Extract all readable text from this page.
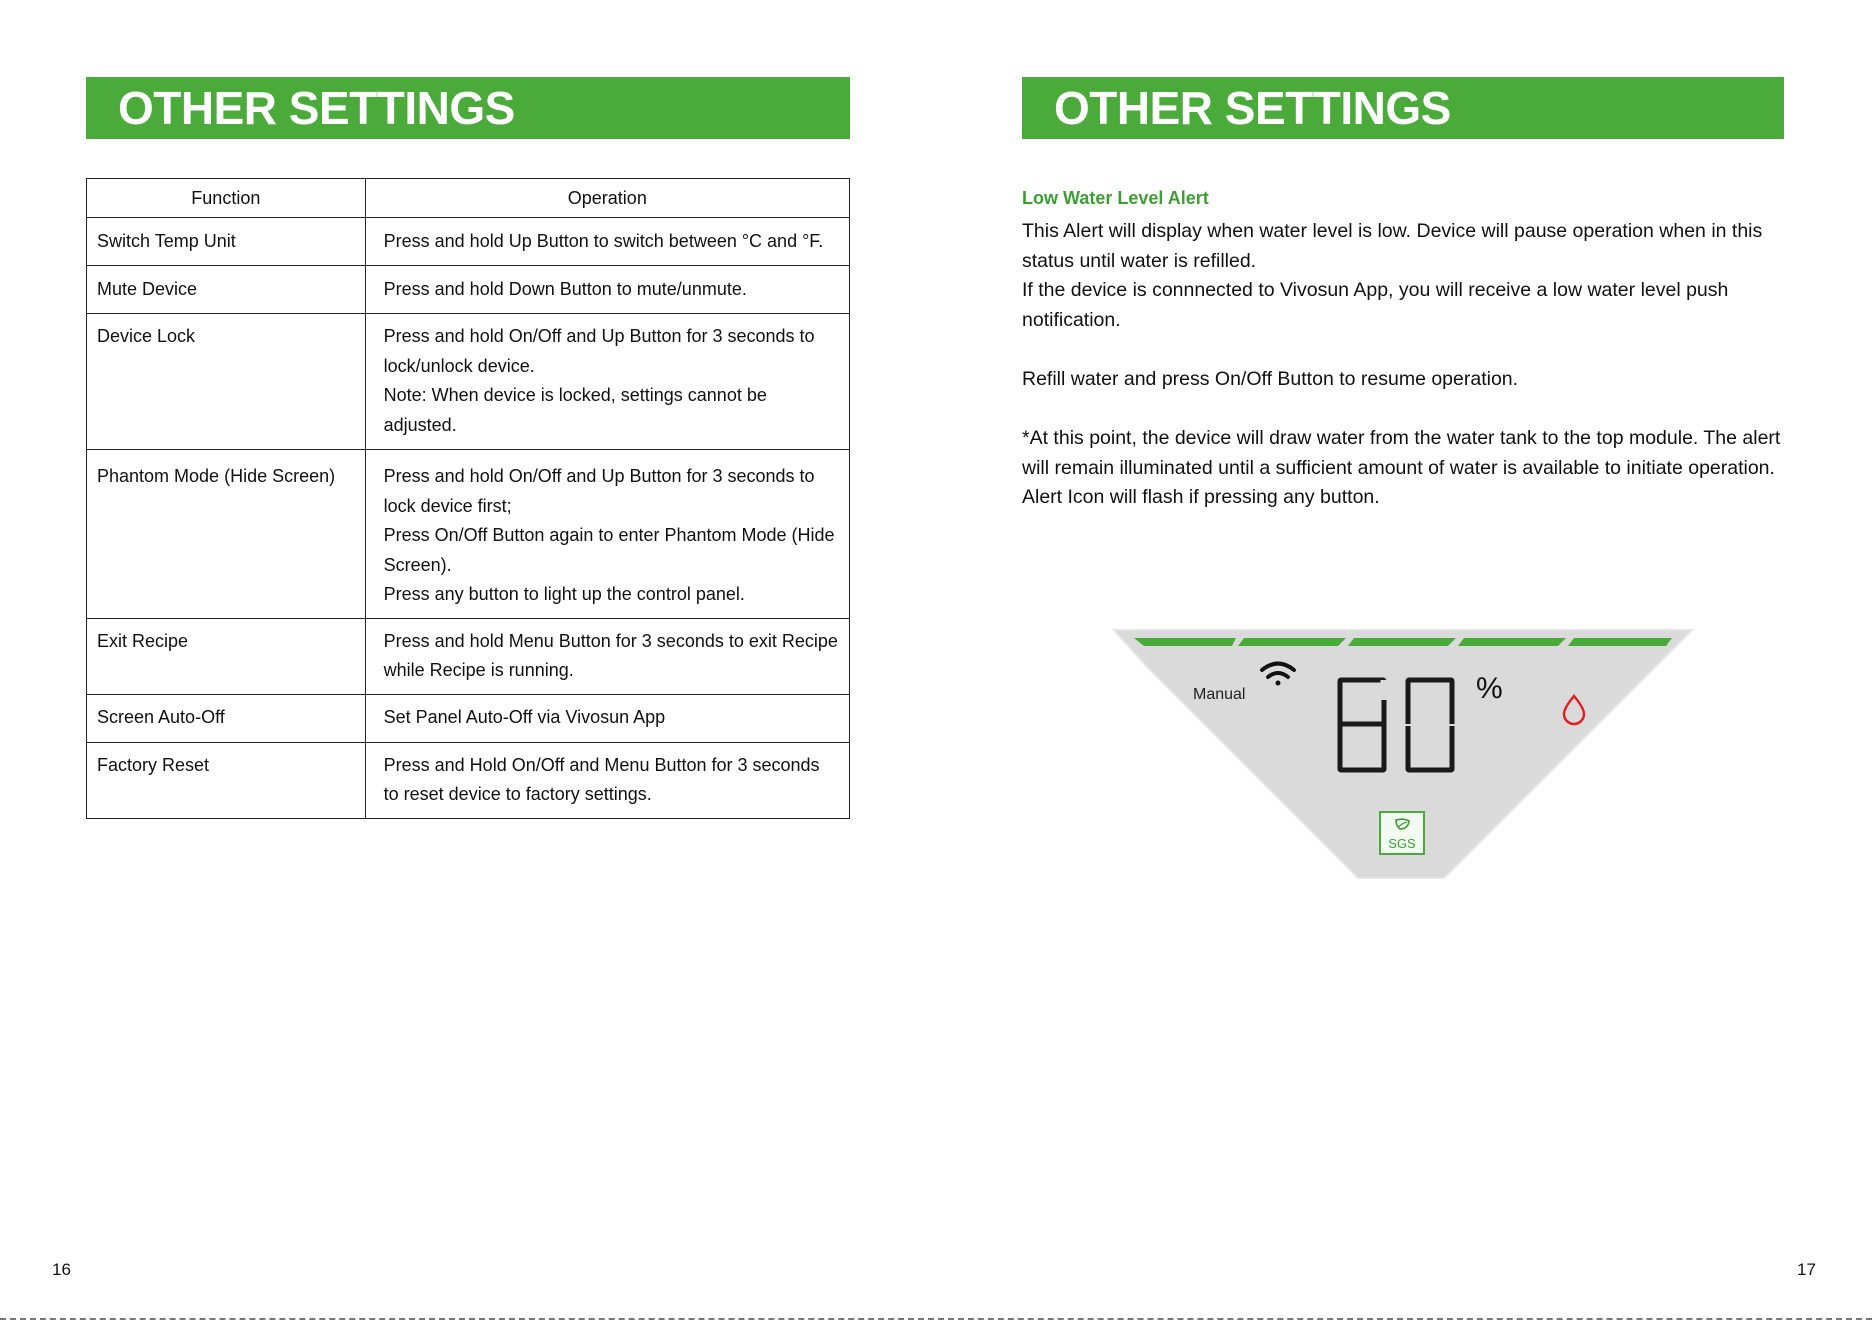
OTHER SETTINGS
Function	Operation
Switch Temp Unit	Press and hold Up Button to switch between °C and °F.

Mute Device	Press and hold Down Button to mute/unmute.

Device Lock	Press and hold On/Off and Up Button for 3 seconds to lock/unlock device.
Note: When device is locked, settings cannot be adjusted.

Phantom Mode (Hide Screen)	Press and hold On/Off and Up Button for 3 seconds to lock device first;
Press On/Off Button again to enter Phantom Mode (Hide Screen).
Press any button to light up the control panel.

Exit Recipe	Press and hold Menu Button for 3 seconds to exit Recipe while Recipe is running.

Screen Auto-Off	Set Panel Auto-Off via Vivosun App

Factory Reset	Press and Hold On/Off and Menu Button for 3 seconds to reset device to factory settings.
16
OTHER SETTINGS
Low Water Level Alert
This Alert will display when water level is low. Device will pause operation when in this status until water is refilled.
If the device is connnected to Vivosun App, you will receive a low water level push notification.
Refill water and press On/Off Button to resume operation.
*At this point, the device will draw water from the water tank to the top module. The alert will remain illuminated until a sufficient amount of water is available to initiate operation.
Alert Icon will flash if pressing any button.
Manual	%
SGS
17
